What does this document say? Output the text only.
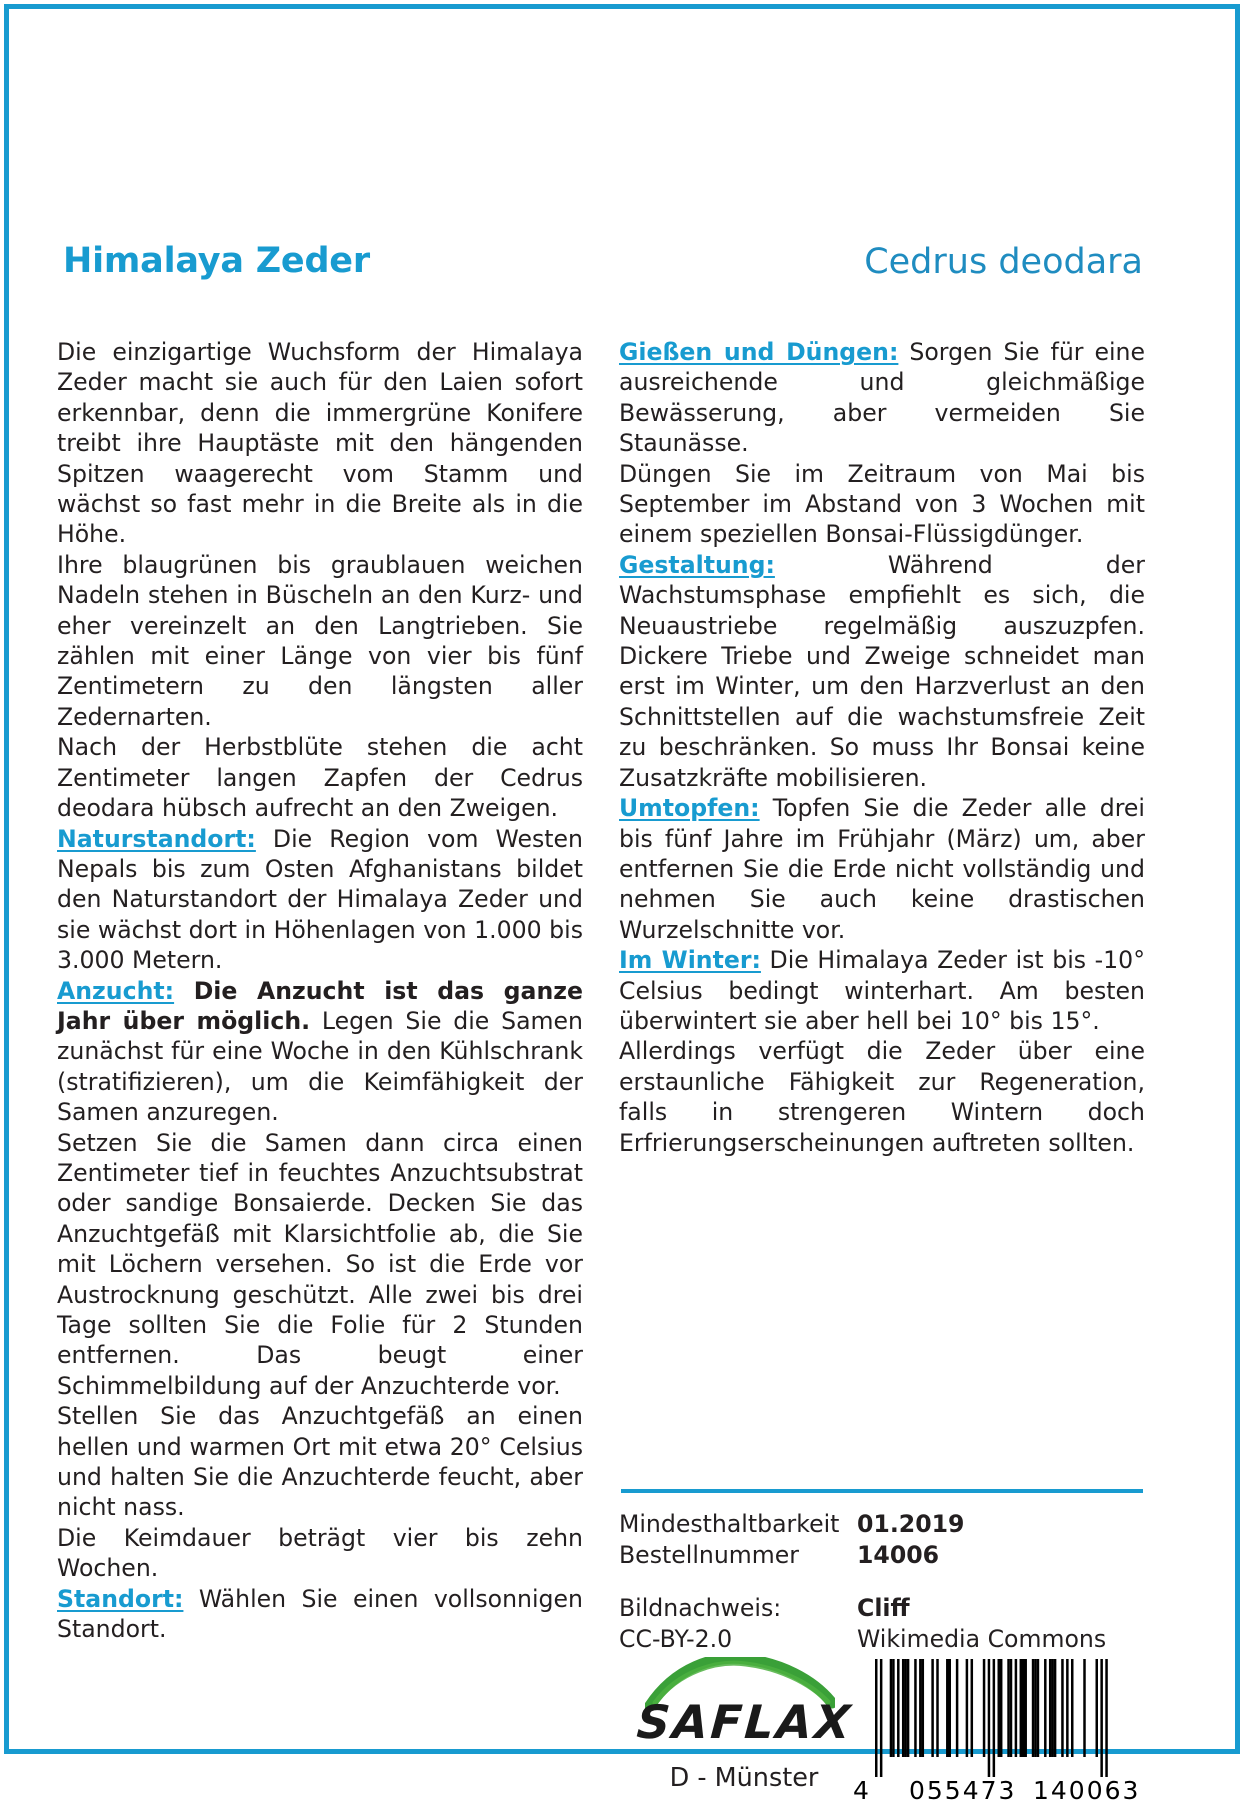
Himalaya Zeder	Cedrus deodara

Die einzigartige Wuchsform der Himalaya Zeder macht sie auch für den Laien sofort erkennbar, denn die immergrüne Konifere treibt ihre Hauptäste mit den hängenden Spitzen waagerecht vom Stamm und wächst so fast mehr in die Breite als in die Höhe.

Ihre blaugrünen bis graublauen weichen Nadeln stehen in Büscheln an den Kurz- und eher vereinzelt an den Langtrieben. Sie zählen mit einer Länge von vier bis fünf Zentimetern zu den längsten aller Zedernarten.

Nach der Herbstblüte stehen die acht Zentimeter langen Zapfen der Cedrus deodara hübsch aufrecht an den Zweigen.

Naturstandort: Die Region vom Westen Nepals bis zum Osten Afghanistans bildet den Naturstandort der Himalaya Zeder und sie wächst dort in Höhenlagen von 1.000 bis 3.000 Metern.

Anzucht: Die Anzucht ist das ganze Jahr über möglich. Legen Sie die Samen zunächst für eine Woche in den Kühlschrank (stratifizieren), um die Keimfähigkeit der Samen anzuregen.

Setzen Sie die Samen dann circa einen Zentimeter tief in feuchtes Anzuchtsubstrat oder sandige Bonsaierde. Decken Sie das Anzuchtgefäß mit Klarsichtfolie ab, die Sie mit Löchern versehen. So ist die Erde vor Austrocknung geschützt. Alle zwei bis drei Tage sollten Sie die Folie für 2 Stunden entfernen. Das beugt einer Schimmelbildung auf der Anzuchterde vor.

Stellen Sie das Anzuchtgefäß an einen hellen und warmen Ort mit etwa 20° Celsius und halten Sie die Anzuchterde feucht, aber nicht nass.

Die Keimdauer beträgt vier bis zehn Wochen.

Standort: Wählen Sie einen vollsonnigen Standort.

Gießen und Düngen: Sorgen Sie für eine ausreichende und gleichmäßige Bewässerung, aber vermeiden Sie Staunässe.

Düngen Sie im Zeitraum von Mai bis September im Abstand von 3 Wochen mit einem speziellen Bonsai-Flüssigdünger.

Gestaltung: Während der Wachstumsphase empfiehlt es sich, die Neuaustriebe regelmäßig auszuzpfen. Dickere Triebe und Zweige schneidet man erst im Winter, um den Harzverlust an den Schnittstellen auf die wachstumsfreie Zeit zu beschränken. So muss Ihr Bonsai keine Zusatzkräfte mobilisieren.

Umtopfen: Topfen Sie die Zeder alle drei bis fünf Jahre im Frühjahr (März) um, aber entfernen Sie die Erde nicht vollständig und nehmen Sie auch keine drastischen Wurzelschnitte vor.

Im Winter: Die Himalaya Zeder ist bis -10° Celsius bedingt winterhart. Am besten überwintert sie aber hell bei 10° bis 15°.

Allerdings verfügt die Zeder über eine erstaunliche Fähigkeit zur Regeneration, falls in strengeren Wintern doch Erfrierungserscheinungen auftreten sollten.

Mindesthaltbarkeit	01.2019
Bestellnummer	14006

Bildnachweis:	Cliff
CC-BY-2.0	Wikimedia Commons
SAFLAX
D - Münster	4 055473 140063
